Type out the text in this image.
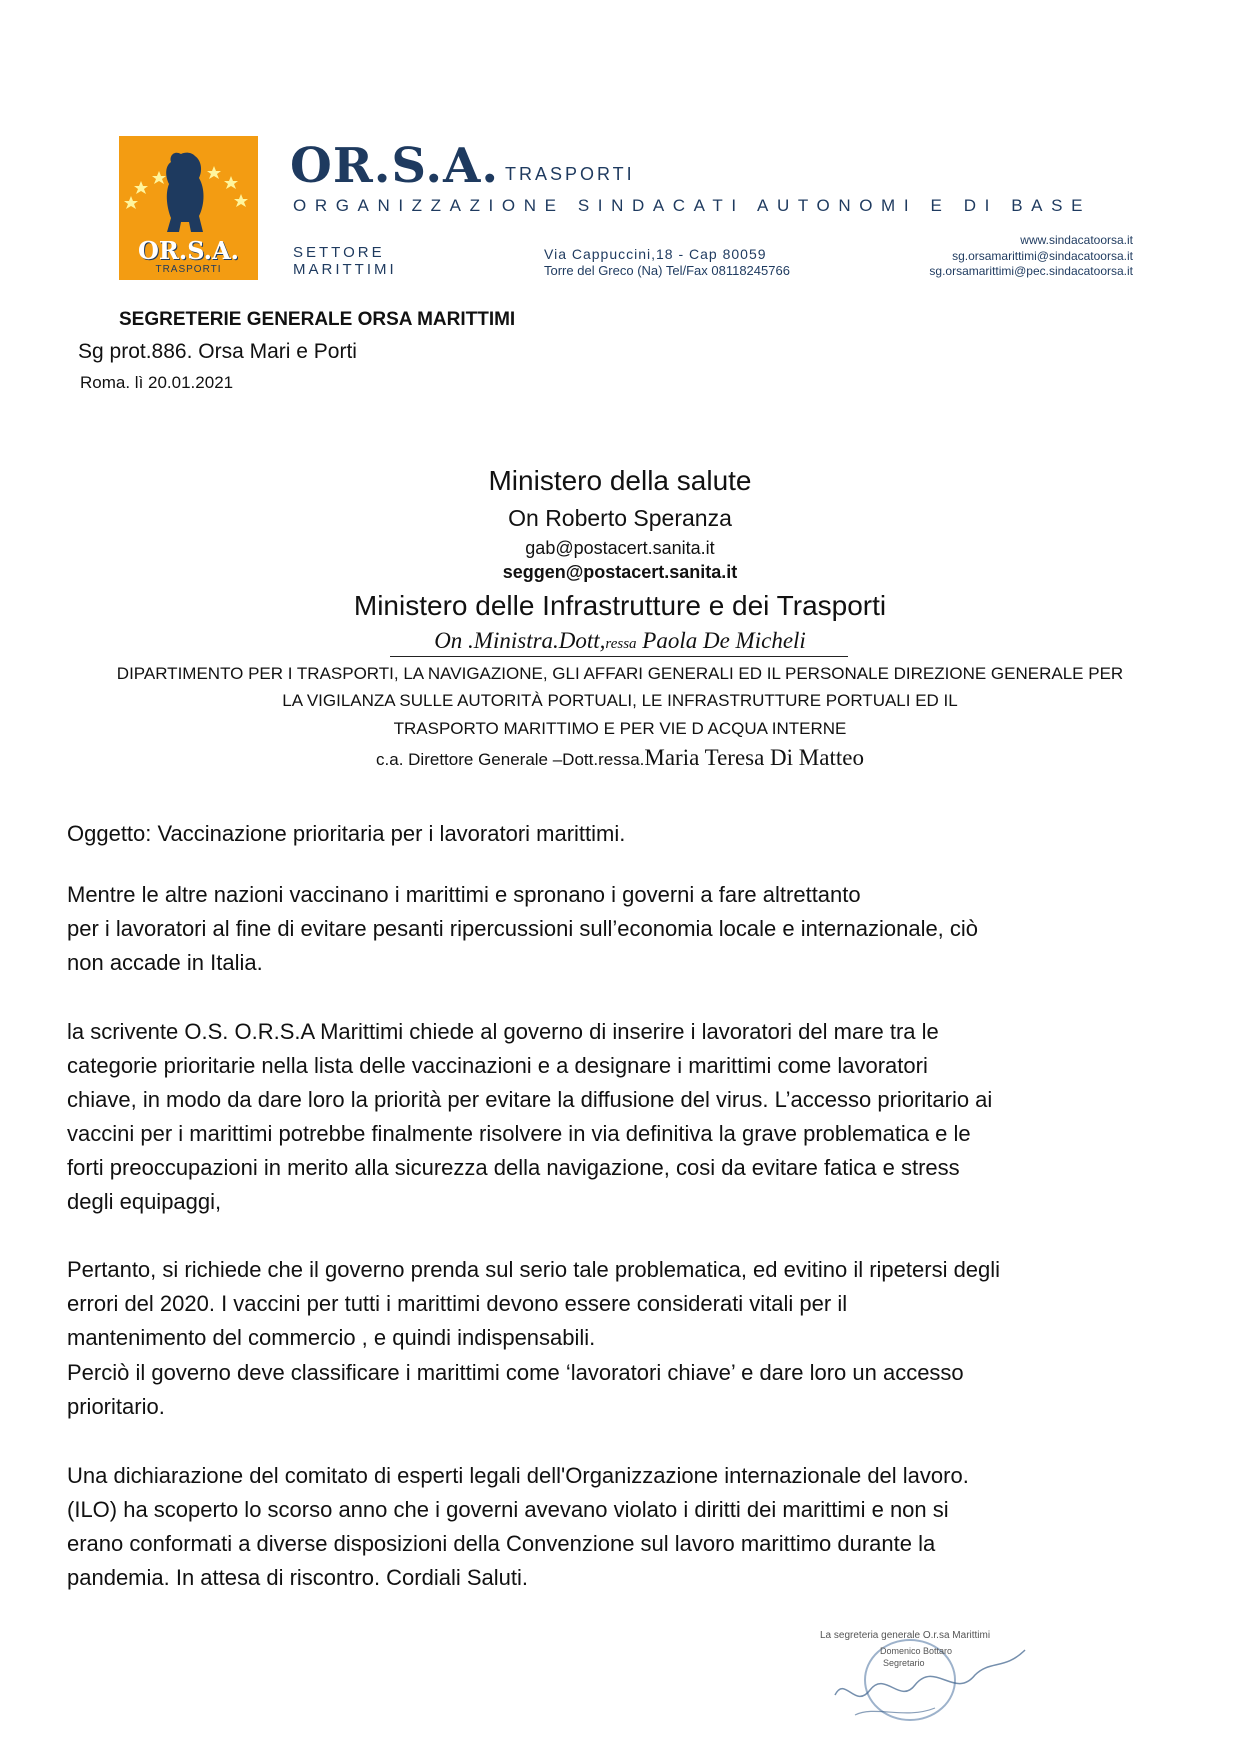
OR.S.A.
TRASPORTI
OR.S.A. TRASPORTI
ORGANIZZAZIONE SINDACATI AUTONOMI E DI BASE
SETTORE
MARITTIMI
Via Cappuccini,18 - Cap 80059
Torre del Greco (Na) Tel/Fax 08118245766
www.sindacatoorsa.it
sg.orsamarittimi@sindacatoorsa.it
sg.orsamarittimi@pec.sindacatoorsa.it
SEGRETERIE GENERALE ORSA MARITTIMI
Sg prot.886. Orsa Mari e Porti
Roma. lì 20.01.2021
Ministero della salute
On Roberto Speranza
gab@postacert.sanita.it
seggen@postacert.sanita.it
Ministero delle Infrastrutture e dei Trasporti
On .Ministra.Dott,ressa Paola De Micheli
DIPARTIMENTO PER I TRASPORTI, LA NAVIGAZIONE, GLI AFFARI GENERALI ED IL PERSONALE DIREZIONE GENERALE PER
LA VIGILANZA SULLE AUTORITÀ PORTUALI, LE INFRASTRUTTURE PORTUALI ED IL
TRASPORTO MARITTIMO E PER VIE D ACQUA INTERNE
c.a. Direttore Generale –Dott.ressa.Maria Teresa Di Matteo
Oggetto: Vaccinazione prioritaria per i lavoratori marittimi.
Mentre le altre nazioni vaccinano i marittimi e spronano i governi a fare altrettanto
per i lavoratori al fine di evitare pesanti ripercussioni sull’economia locale e internazionale, ciò
non accade in Italia.
la scrivente O.S. O.R.S.A Marittimi chiede al governo di inserire i lavoratori del mare tra le
categorie prioritarie nella lista delle vaccinazioni e a designare i marittimi come lavoratori
chiave, in modo da dare loro la priorità per evitare la diffusione del virus. L’accesso prioritario ai
vaccini per i marittimi potrebbe finalmente risolvere in via definitiva la grave problematica e le
forti preoccupazioni in merito alla sicurezza della navigazione, cosi da evitare fatica e stress
degli equipaggi,
Pertanto, si richiede che il governo prenda sul serio tale problematica, ed evitino il ripetersi degli
errori del 2020. I vaccini per tutti i marittimi devono essere considerati vitali per il
mantenimento del commercio , e quindi indispensabili.
Perciò il governo deve classificare i marittimi come ‘lavoratori chiave’ e dare loro un accesso
prioritario.
Una dichiarazione del comitato di esperti legali dell'Organizzazione internazionale del lavoro.
(ILO) ha scoperto lo scorso anno che i governi avevano violato i diritti dei marittimi e non si
erano conformati a diverse disposizioni della Convenzione sul lavoro marittimo durante la
pandemia. In attesa di riscontro. Cordiali Saluti.
La segreteria generale O.r.sa Marittimi
Domenico Bottaro
Segretario
